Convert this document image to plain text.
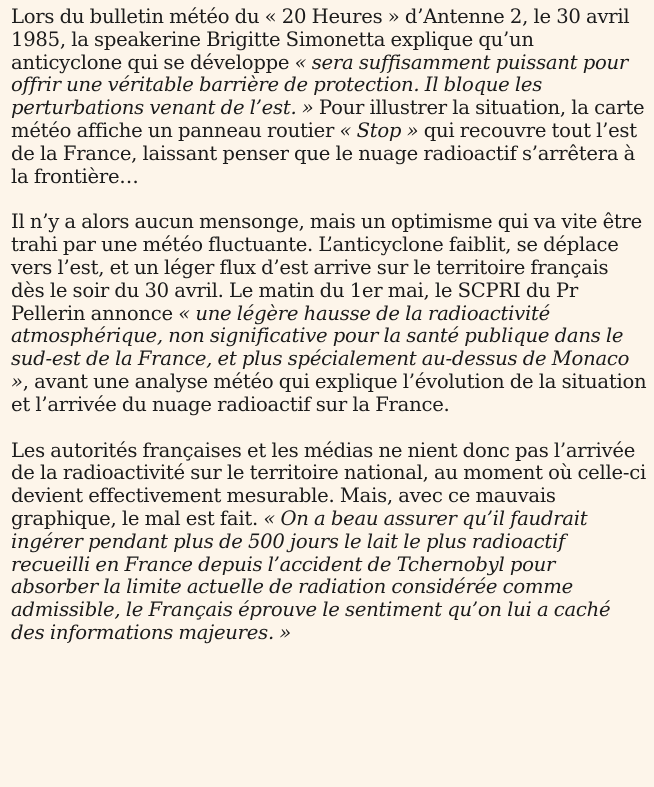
Lors du bulletin météo du « 20 Heures » d’Antenne 2, le 30 avril 1985, la speakerine Brigitte Simonetta explique qu’un anticyclone qui se développe « sera suffisamment puissant pour offrir une véritable barrière de protection. Il bloque les perturbations venant de l’est. » Pour illustrer la situation, la carte météo affiche un panneau routier « Stop » qui recouvre tout l’est de la France, laissant penser que le nuage radioactif s’arrêtera à la frontière…

Il n’y a alors aucun mensonge, mais un optimisme qui va vite être trahi par une météo fluctuante. L’anticyclone faiblit, se déplace vers l’est, et un léger flux d’est arrive sur le territoire français dès le soir du 30 avril. Le matin du 1er mai, le SCPRI du Pr Pellerin annonce « une légère hausse de la radioactivité atmosphérique, non significative pour la santé publique dans le sud-est de la France, et plus spécialement au-dessus de Monaco », avant une analyse météo qui explique l’évolution de la situation et l’arrivée du nuage radioactif sur la France.

Les autorités françaises et les médias ne nient donc pas l’arrivée de la radioactivité sur le territoire national, au moment où celle-ci devient effectivement mesurable. Mais, avec ce mauvais graphique, le mal est fait. « On a beau assurer qu’il faudrait ingérer pendant plus de 500 jours le lait le plus radioactif recueilli en France depuis l’accident de Tchernobyl pour absorber la limite actuelle de radiation considérée comme admissible, le Français éprouve le sentiment qu’on lui a caché des informations majeures. »
